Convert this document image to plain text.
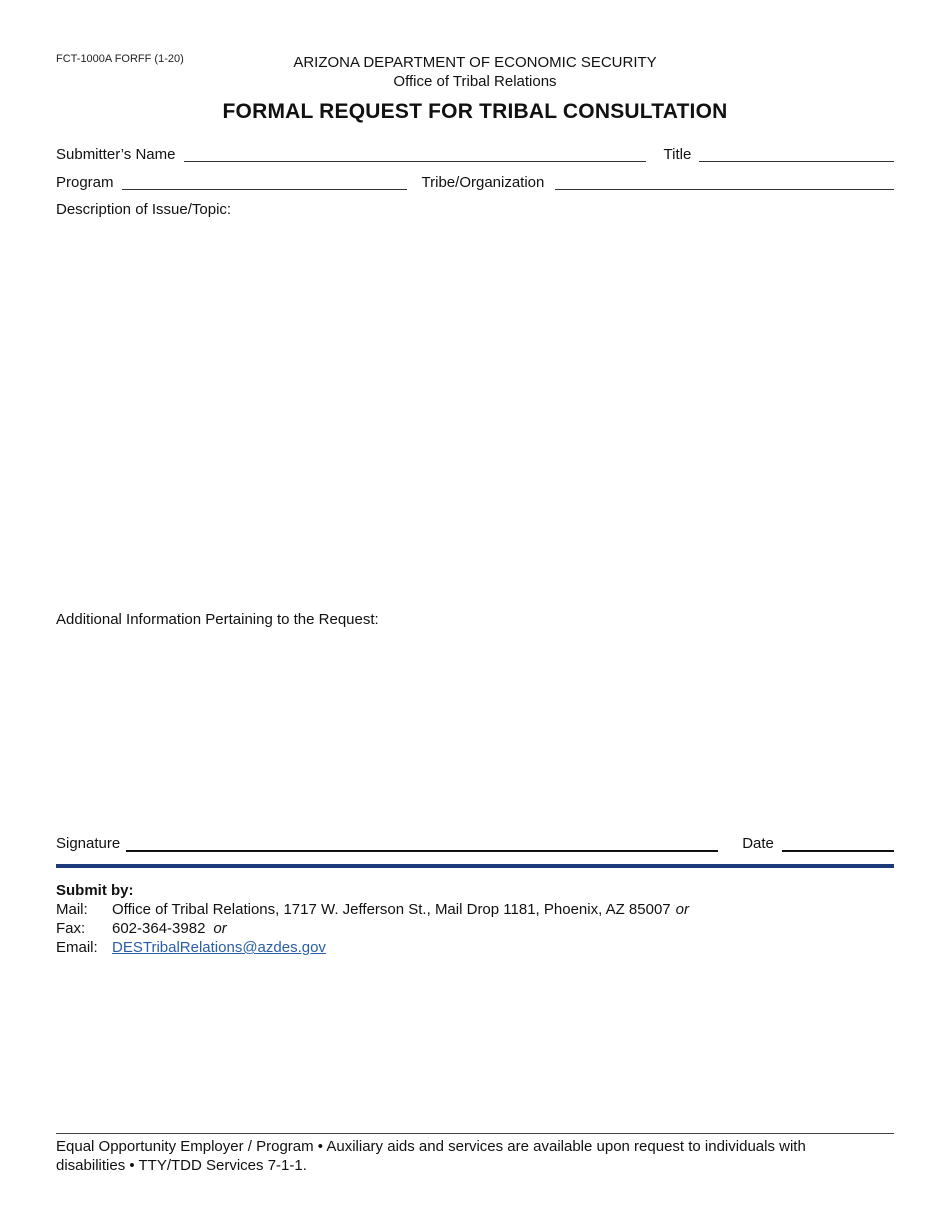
FCT-1000A FORFF (1-20)	ARIZONA DEPARTMENT OF ECONOMIC SECURITY
Office of Tribal Relations
FORMAL REQUEST FOR TRIBAL CONSULTATION
Submitter’s Name	Title
Program	Tribe/Organization
Description of Issue/Topic:
Additional Information Pertaining to the Request:
Signature	Date
Submit by:
Mail:	Office of Tribal Relations, 1717 W. Jefferson St., Mail Drop 1181, Phoenix, AZ 85007 or
Fax:	602-364-3982 or
Email: DESTribalRelations@azdes.gov
Equal Opportunity Employer / Program • Auxiliary aids and services are available upon request to individuals with disabilities • TTY/TDD Services 7-1-1.
